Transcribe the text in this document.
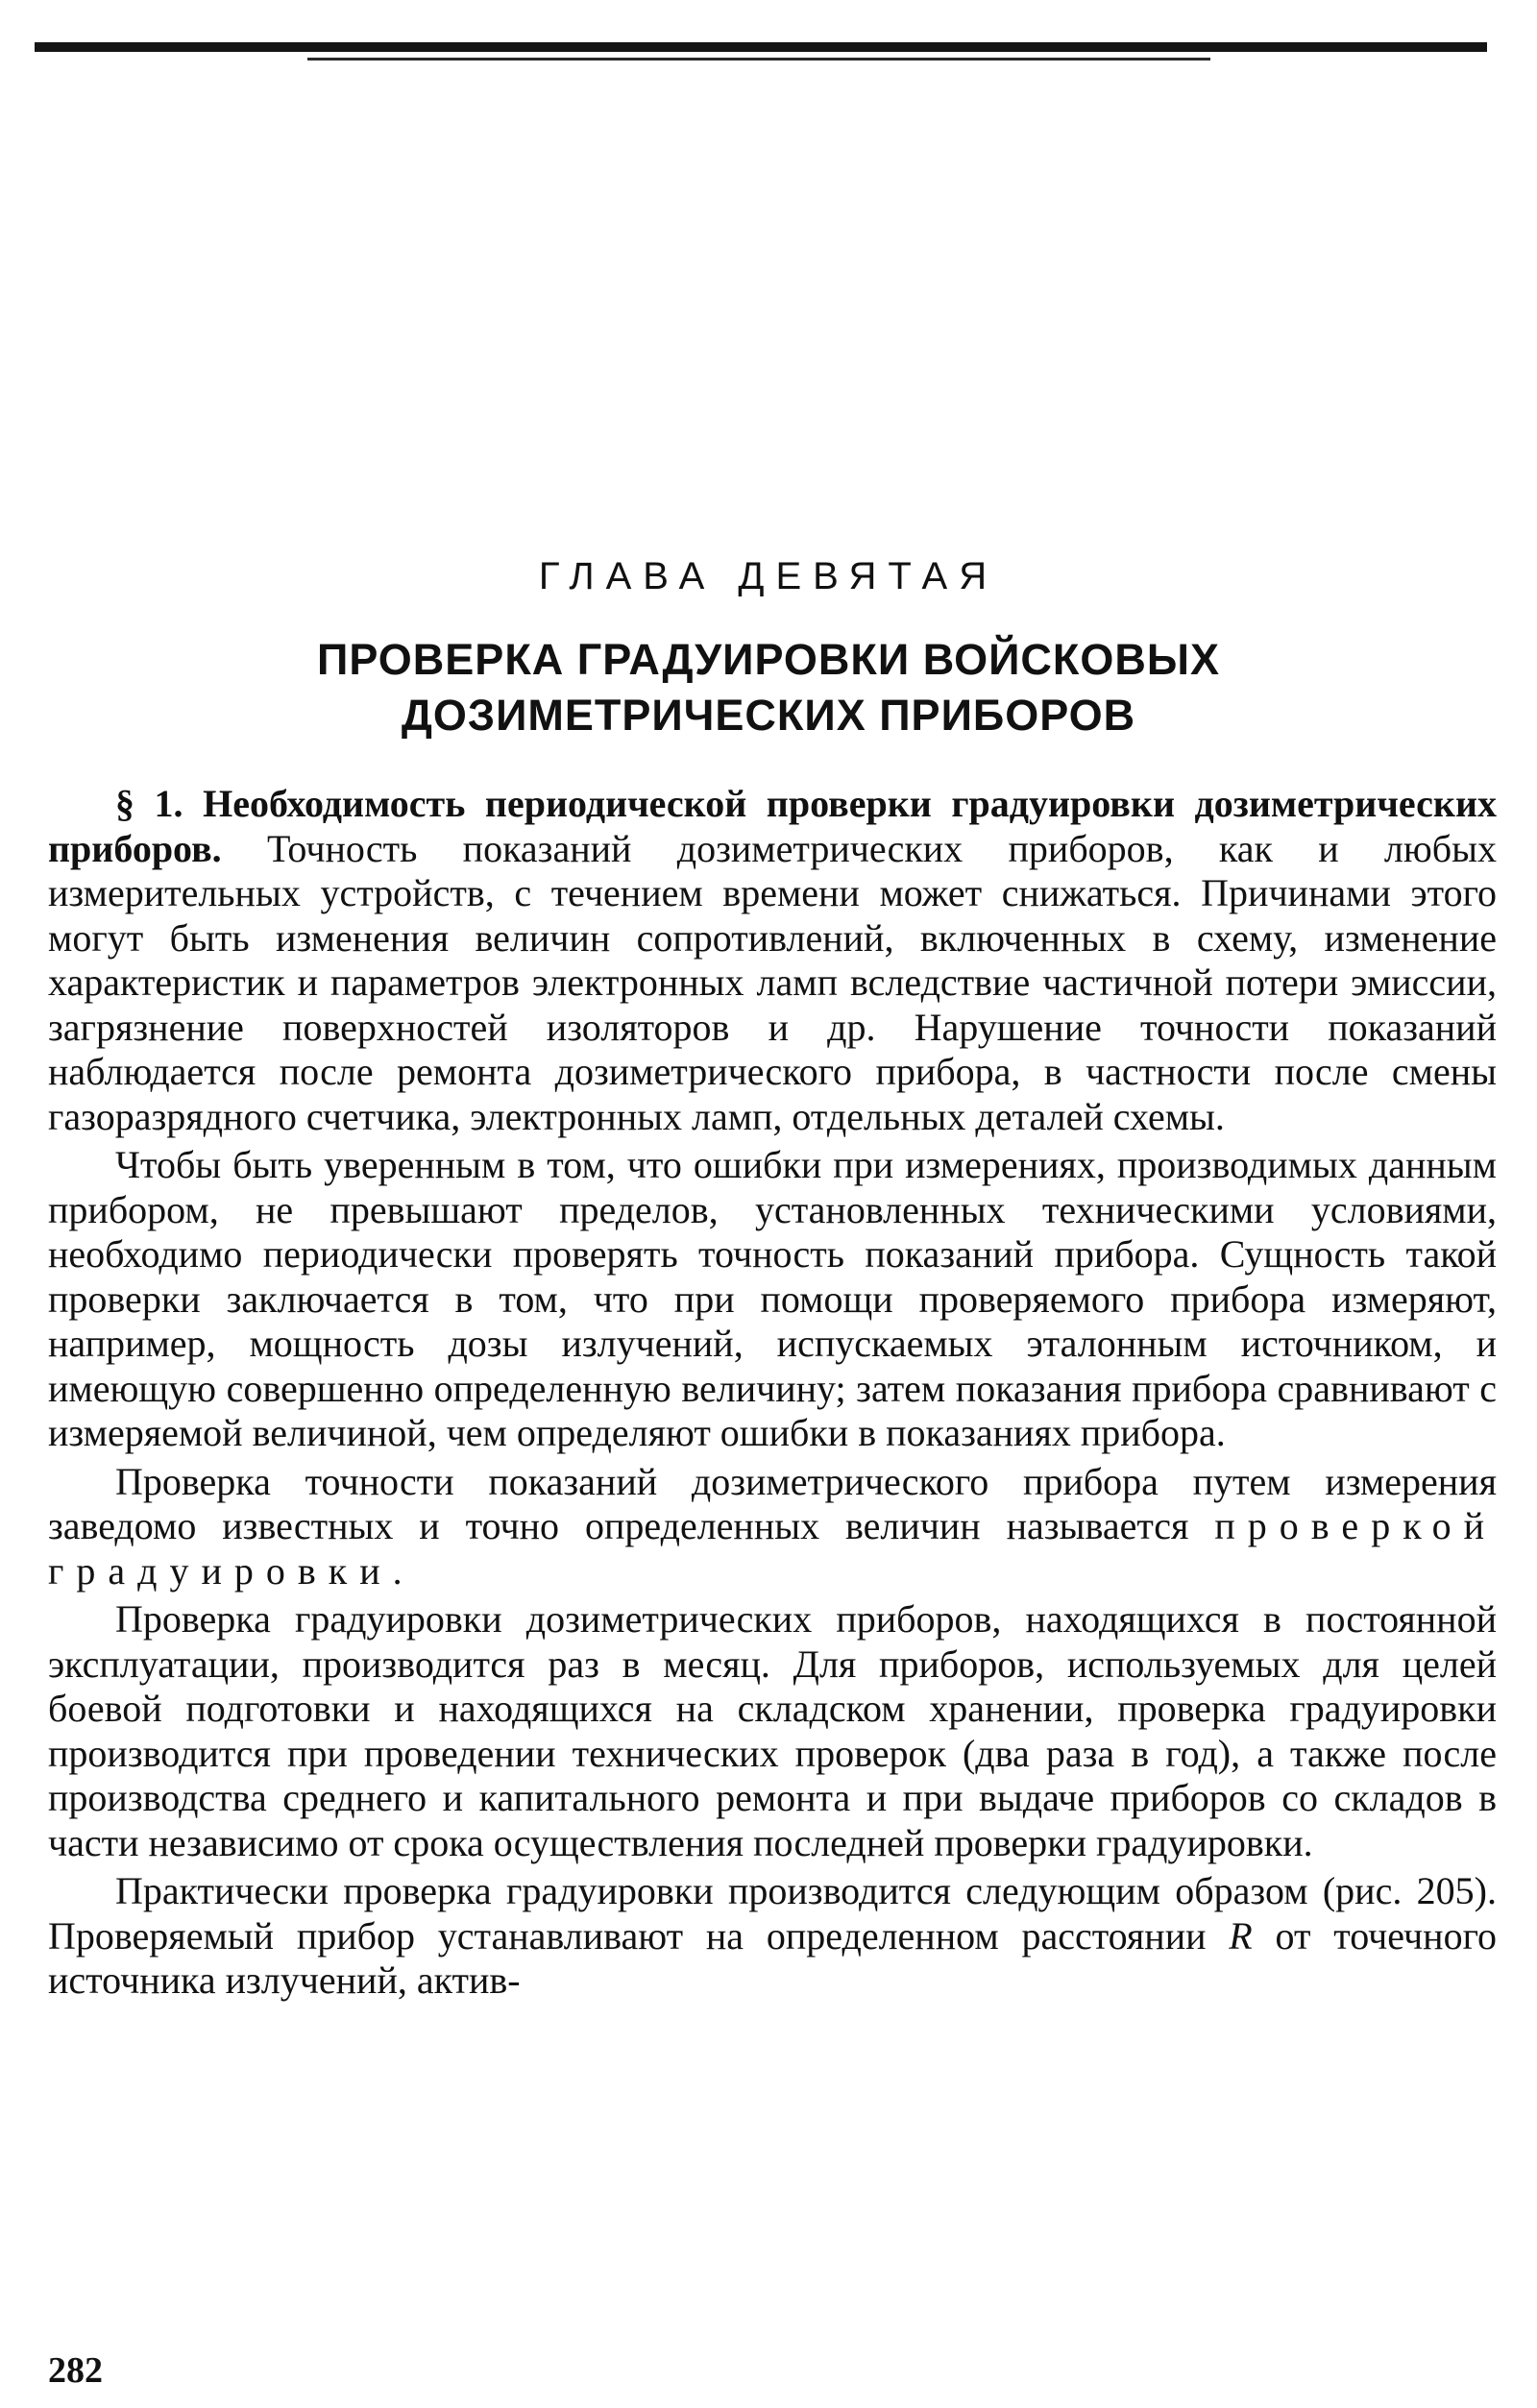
ГЛАВА ДЕВЯТАЯ
ПРОВЕРКА ГРАДУИРОВКИ ВОЙСКОВЫХ
ДОЗИМЕТРИЧЕСКИХ ПРИБОРОВ

§ 1. Необходимость периодической проверки градуировки дозиметрических приборов. Точность показаний дозиметрических приборов, как и любых измерительных устройств, с течением времени может снижаться. Причинами этого могут быть изменения величин сопротивлений, включенных в схему, изменение характеристик и параметров электронных ламп вследствие частичной потери эмиссии, загрязнение поверхностей изоляторов и др. Нарушение точности показаний наблюдается после ремонта дозиметрического прибора, в частности после смены газоразрядного счетчика, электронных ламп, отдельных деталей схемы.

Чтобы быть уверенным в том, что ошибки при измерениях, производимых данным прибором, не превышают пределов, установленных техническими условиями, необходимо периодически проверять точность показаний прибора. Сущность такой проверки заключается в том, что при помощи проверяемого прибора измеряют, например, мощность дозы излучений, испускаемых эталонным источником, и имеющую совершенно определенную величину; затем показания прибора сравнивают с измеряемой величиной, чем определяют ошибки в показаниях прибора.

Проверка точности показаний дозиметрического прибора путем измерения заведомо известных и точно определенных величин называется проверкой градуировки.

Проверка градуировки дозиметрических приборов, находящихся в постоянной эксплуатации, производится раз в месяц. Для приборов, используемых для целей боевой подготовки и находящихся на складском хранении, проверка градуировки производится при проведении технических проверок (два раза в год), а также после производства среднего и капитального ремонта и при выдаче приборов со складов в части независимо от срока осуществления последней проверки градуировки.

Практически проверка градуировки производится следующим образом (рис. 205). Проверяемый прибор устанавливают на определенном расстоянии R от точечного источника излучений, актив-

282
